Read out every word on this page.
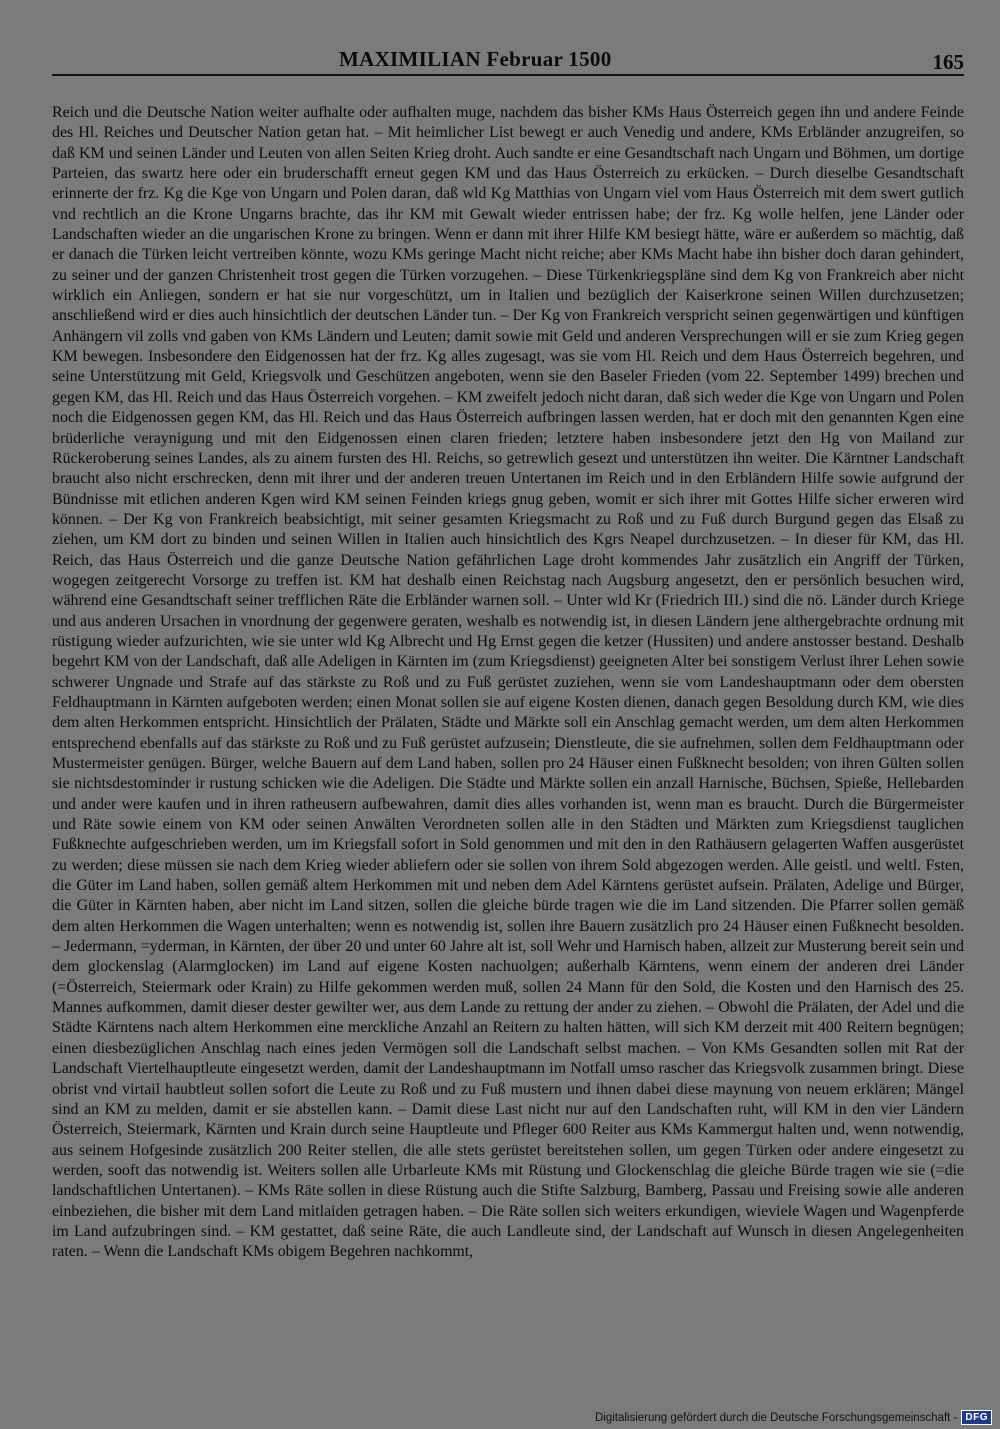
MAXIMILIAN Februar 1500	165

Reich und die Deutsche Nation weiter aufhalte oder aufhalten muge, nachdem das bisher KMs Haus Österreich gegen ihn und andere Feinde des Hl. Reiches und Deutscher Nation getan hat. – Mit heimlicher List bewegt er auch Venedig und andere, KMs Erbländer anzugreifen, so daß KM und seinen Länder und Leuten von allen Seiten Krieg droht. Auch sandte er eine Gesandtschaft nach Ungarn und Böhmen, um dortige Parteien, das swartz here oder ein bruderschafft erneut gegen KM und das Haus Österreich zu erkücken. – Durch dieselbe Gesandtschaft erinnerte der frz. Kg die Kge von Ungarn und Polen daran, daß wld Kg Matthias von Ungarn viel vom Haus Österreich mit dem swert gutlich vnd rechtlich an die Krone Ungarns brachte, das ihr KM mit Gewalt wieder entrissen habe; der frz. Kg wolle helfen, jene Länder oder Landschaften wieder an die ungarischen Krone zu bringen. Wenn er dann mit ihrer Hilfe KM besiegt hätte, wäre er außerdem so mächtig, daß er danach die Türken leicht vertreiben könnte, wozu KMs geringe Macht nicht reiche; aber KMs Macht habe ihn bisher doch daran gehindert, zu seiner und der ganzen Christenheit trost gegen die Türken vorzugehen. – Diese Türkenkriegspläne sind dem Kg von Frankreich aber nicht wirklich ein Anliegen, sondern er hat sie nur vorgeschützt, um in Italien und bezüglich der Kaiserkrone seinen Willen durchzusetzen; anschließend wird er dies auch hinsichtlich der deutschen Länder tun. – Der Kg von Frankreich verspricht seinen gegenwärtigen und künftigen Anhängern vil zolls vnd gaben von KMs Ländern und Leuten; damit sowie mit Geld und anderen Versprechungen will er sie zum Krieg gegen KM bewegen. Insbesondere den Eidgenossen hat der frz. Kg alles zugesagt, was sie vom Hl. Reich und dem Haus Österreich begehren, und seine Unterstützung mit Geld, Kriegsvolk und Geschützen angeboten, wenn sie den Baseler Frieden (vom 22. September 1499) brechen und gegen KM, das Hl. Reich und das Haus Österreich vorgehen. – KM zweifelt jedoch nicht daran, daß sich weder die Kge von Ungarn und Polen noch die Eidgenossen gegen KM, das Hl. Reich und das Haus Österreich aufbringen lassen werden, hat er doch mit den genannten Kgen eine brüderliche veraynigung und mit den Eidgenossen einen claren frieden; letztere haben insbesondere jetzt den Hg von Mailand zur Rückeroberung seines Landes, als zu ainem fursten des Hl. Reichs, so getrewlich gesezt und unterstützen ihn weiter. Die Kärntner Landschaft braucht also nicht erschrecken, denn mit ihrer und der anderen treuen Untertanen im Reich und in den Erbländern Hilfe sowie aufgrund der Bündnisse mit etlichen anderen Kgen wird KM seinen Feinden kriegs gnug geben, womit er sich ihrer mit Gottes Hilfe sicher erweren wird können. – Der Kg von Frankreich beabsichtigt, mit seiner gesamten Kriegsmacht zu Roß und zu Fuß durch Burgund gegen das Elsaß zu ziehen, um KM dort zu binden und seinen Willen in Italien auch hinsichtlich des Kgrs Neapel durchzusetzen. – In dieser für KM, das Hl. Reich, das Haus Österreich und die ganze Deutsche Nation gefährlichen Lage droht kommendes Jahr zusätzlich ein Angriff der Türken, wogegen zeitgerecht Vorsorge zu treffen ist. KM hat deshalb einen Reichstag nach Augsburg angesetzt, den er persönlich besuchen wird, während eine Gesandtschaft seiner trefflichen Räte die Erbländer warnen soll. – Unter wld Kr (Friedrich III.) sind die nö. Länder durch Kriege und aus anderen Ursachen in vnordnung der gegenwere geraten, weshalb es notwendig ist, in diesen Ländern jene althergebrachte ordnung mit rüstigung wieder aufzurichten, wie sie unter wld Kg Albrecht und Hg Ernst gegen die ketzer (Hussiten) und andere anstosser bestand. Deshalb begehrt KM von der Landschaft, daß alle Adeligen in Kärnten im (zum Kriegsdienst) geeigneten Alter bei sonstigem Verlust ihrer Lehen sowie schwerer Ungnade und Strafe auf das stärkste zu Roß und zu Fuß gerüstet zuziehen, wenn sie vom Landeshauptmann oder dem obersten Feldhauptmann in Kärnten aufgeboten werden; einen Monat sollen sie auf eigene Kosten dienen, danach gegen Besoldung durch KM, wie dies dem alten Herkommen entspricht. Hinsichtlich der Prälaten, Städte und Märkte soll ein Anschlag gemacht werden, um dem alten Herkommen entsprechend ebenfalls auf das stärkste zu Roß und zu Fuß gerüstet aufzusein; Dienstleute, die sie aufnehmen, sollen dem Feldhauptmann oder Mustermeister genügen. Bürger, welche Bauern auf dem Land haben, sollen pro 24 Häuser einen Fußknecht besolden; von ihren Gülten sollen sie nichtsdestominder ir rustung schicken wie die Adeligen. Die Städte und Märkte sollen ein anzall Harnische, Büchsen, Spieße, Hellebarden und ander were kaufen und in ihren ratheusern aufbewahren, damit dies alles vorhanden ist, wenn man es braucht. Durch die Bürgermeister und Räte sowie einem von KM oder seinen Anwälten Verordneten sollen alle in den Städten und Märkten zum Kriegsdienst tauglichen Fußknechte aufgeschrieben werden, um im Kriegsfall sofort in Sold genommen und mit den in den Rathäusern gelagerten Waffen ausgerüstet zu werden; diese müssen sie nach dem Krieg wieder abliefern oder sie sollen von ihrem Sold abgezogen werden. Alle geistl. und weltl. Fsten, die Güter im Land haben, sollen gemäß altem Herkommen mit und neben dem Adel Kärntens gerüstet aufsein. Prälaten, Adelige und Bürger, die Güter in Kärnten haben, aber nicht im Land sitzen, sollen die gleiche bürde tragen wie die im Land sitzenden. Die Pfarrer sollen gemäß dem alten Herkommen die Wagen unterhalten; wenn es notwendig ist, sollen ihre Bauern zusätzlich pro 24 Häuser einen Fußknecht besolden. – Jedermann, =yderman, in Kärnten, der über 20 und unter 60 Jahre alt ist, soll Wehr und Harnisch haben, allzeit zur Musterung bereit sein und dem glockenslag (Alarmglocken) im Land auf eigene Kosten nachuolgen; außerhalb Kärntens, wenn einem der anderen drei Länder (=Österreich, Steiermark oder Krain) zu Hilfe gekommen werden muß, sollen 24 Mann für den Sold, die Kosten und den Harnisch des 25. Mannes aufkommen, damit dieser dester gewilter wer, aus dem Lande zu rettung der ander zu ziehen. – Obwohl die Prälaten, der Adel und die Städte Kärntens nach altem Herkommen eine merckliche Anzahl an Reitern zu halten hätten, will sich KM derzeit mit 400 Reitern begnügen; einen diesbezüglichen Anschlag nach eines jeden Vermögen soll die Landschaft selbst machen. – Von KMs Gesandten sollen mit Rat der Landschaft Viertelhauptleute eingesetzt werden, damit der Landeshauptmann im Notfall umso rascher das Kriegsvolk zusammen bringt. Diese obrist vnd virtail haubtleut sollen sofort die Leute zu Roß und zu Fuß mustern und ihnen dabei diese maynung von neuem erklären; Mängel sind an KM zu melden, damit er sie abstellen kann. – Damit diese Last nicht nur auf den Landschaften ruht, will KM in den vier Ländern Österreich, Steiermark, Kärnten und Krain durch seine Hauptleute und Pfleger 600 Reiter aus KMs Kammergut halten und, wenn notwendig, aus seinem Hofgesinde zusätzlich 200 Reiter stellen, die alle stets gerüstet bereitstehen sollen, um gegen Türken oder andere eingesetzt zu werden, sooft das notwendig ist. Weiters sollen alle Urbarleute KMs mit Rüstung und Glockenschlag die gleiche Bürde tragen wie sie (=die landschaftlichen Untertanen). – KMs Räte sollen in diese Rüstung auch die Stifte Salzburg, Bamberg, Passau und Freising sowie alle anderen einbeziehen, die bisher mit dem Land mitlaiden getragen haben. – Die Räte sollen sich weiters erkundigen, wieviele Wagen und Wagenpferde im Land aufzubringen sind. – KM gestattet, daß seine Räte, die auch Landleute sind, der Landschaft auf Wunsch in diesen Angelegenheiten raten. – Wenn die Landschaft KMs obigem Begehren nachkommt,

Digitalisierung gefördert durch die Deutsche Forschungsgemeinschaft - DFG
